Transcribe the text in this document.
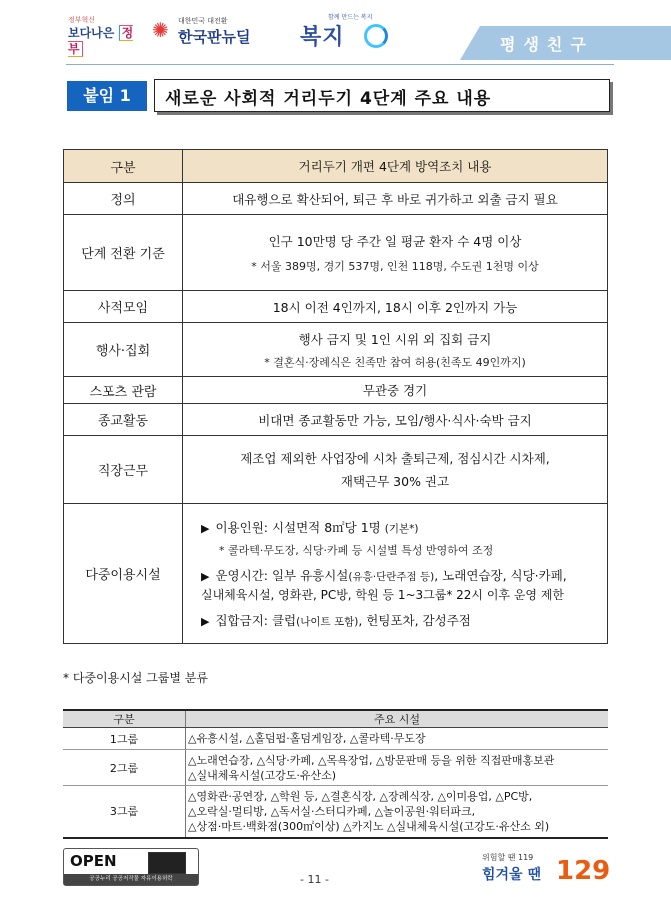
정부혁신
보다나은 정부
✺ 대한민국 대전환
한국판뉴딜
함께 만드는 복지
복지	평생친구
붙임 1	새로운 사회적 거리두기 4단계 주요 내용
구분	거리두기 개편 4단계 방역조치 내용
정의	대유행으로 확산되어, 퇴근 후 바로 귀가하고 외출 금지 필요
단계 전환 기준	인구 10만명 당 주간 일 평균 환자 수 4명 이상
* 서울 389명, 경기 537명, 인천 118명, 수도권 1천명 이상

사적모임	18시 이전 4인까지, 18시 이후 2인까지 가능
행사·집회	행사 금지 및 1인 시위 외 집회 금지
* 결혼식·장례식은 친족만 참여 허용(친족도 49인까지)

스포츠 관람	무관중 경기
종교활동	비대면 종교활동만 가능, 모임/행사·식사·숙박 금지
직장근무	제조업 제외한 사업장에 시차 출퇴근제, 점심시간 시차제,
재택근무 30% 권고

다중이용시설	▶ 이용인원: 시설면적 8㎡당 1명 (기본*)
* 콜라텍·무도장, 식당·카페 등 시설별 특성 반영하여 조정
▶ 운영시간: 일부 유흥시설(유흥·단란주점 등), 노래연습장, 식당·카페,
실내체육시설, 영화관, PC방, 학원 등 1~3그룹* 22시 이후 운영 제한
▶ 집합금지: 클럽(나이트 포함), 헌팅포차, 감성주점
* 다중이용시설 그룹별 분류
구분	주요 시설
1그룹	△유흥시설, △홀덤펍·홀덤게임장, △콜라텍·무도장
2그룹	△노래연습장, △식당·카페, △목욕장업, △방문판매 등을 위한 직접판매홍보관
△실내체육시설(고강도·유산소)

3그룹	△영화관·공연장, △학원 등, △결혼식장, △장례식장, △이미용업, △PC방,
△오락실·멀티방, △독서실·스터디카페, △놀이공원·워터파크,
△상점·마트·백화점(300㎡이상) △카지노 △실내체육시설(고강도·유산소 외)
OPEN
공공누리 공공저작물 자유이용허락	- 11 -
위험할 땐 119
힘겨울 땐 129
